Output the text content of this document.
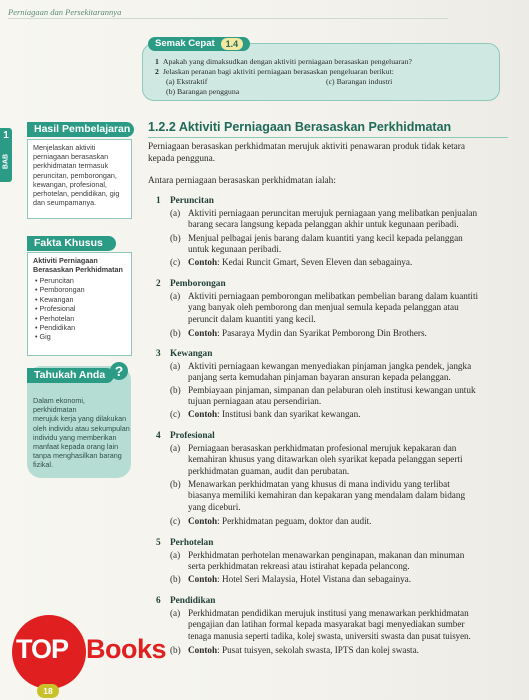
Perniagaan dan Persekitarannya
Semak Cepat	1.4
1 Apakah yang dimaksudkan dengan aktiviti perniagaan berasaskan pengeluaran?
2 Jelaskan peranan bagi aktiviti perniagaan berasaskan pengeluaran berikut:
(a) Ekstraktif
(b) Barangan pengguna
(c) Barangan industri
1
BAB
Hasil Pembelajaran
Menjelaskan aktiviti
perniagaan berasaskan
perkhidmatan termasuk
peruncitan, pemborongan,
kewangan, profesional,
perhotelan, pendidikan, gig
dan seumpamanya.
Fakta Khusus
Aktiviti Perniagaan
Berasaskan Perkhidmatan
• Peruncitan
• Pemborongan
• Kewangan
• Profesional
• Perhotelan
• Pendidikan
• Gig
Tahukah Anda ?
Dalam ekonomi, perkhidmatan
merujuk kerja yang dilakukan
oleh individu atau sekumpulan
individu yang memberikan
manfaat kepada orang lain
tanpa menghasilkan barang
fizikal.
1.2.2 Aktiviti Perniagaan Berasaskan Perkhidmatan
Perniagaan berasaskan perkhidmatan merujuk aktiviti penawaran produk tidak ketara
kepada pengguna.
Antara perniagaan berasaskan perkhidmatan ialah:
1 Peruncitan
(a) Aktiviti perniagaan peruncitan merujuk perniagaan yang melibatkan penjualan
barang secara langsung kepada pelanggan akhir untuk kegunaan peribadi.
(b) Menjual pelbagai jenis barang dalam kuantiti yang kecil kepada pelanggan
untuk kegunaan peribadi.
(c) Contoh: Kedai Runcit Gmart, Seven Eleven dan sebagainya.
2 Pemborongan
(a) Aktiviti perniagaan pemborongan melibatkan pembelian barang dalam kuantiti
yang banyak oleh pemborong dan menjual semula kepada pelanggan atau
peruncit dalam kuantiti yang kecil.
(b) Contoh: Pasaraya Mydin dan Syarikat Pemborong Din Brothers.
3 Kewangan
(a) Aktiviti perniagaan kewangan menyediakan pinjaman jangka pendek, jangka
panjang serta kemudahan pinjaman bayaran ansuran kepada pelanggan.
(b) Pembiayaan pinjaman, simpanan dan pelaburan oleh institusi kewangan untuk
tujuan perniagaan atau persendirian.
(c) Contoh: Institusi bank dan syarikat kewangan.
4 Profesional
(a) Perniagaan berasaskan perkhidmatan profesional merujuk kepakaran dan
kemahiran khusus yang ditawarkan oleh syarikat kepada pelanggan seperti
perkhidmatan guaman, audit dan perubatan.
(b) Menawarkan perkhidmatan yang khusus di mana individu yang terlibat
biasanya memiliki kemahiran dan kepakaran yang mendalam dalam bidang
yang diceburi.
(c) Contoh: Perkhidmatan peguam, doktor dan audit.
5 Perhotelan
(a) Perkhidmatan perhotelan menawarkan penginapan, makanan dan minuman
serta perkhidmatan rekreasi atau istirahat kepada pelancong.
(b) Contoh: Hotel Seri Malaysia, Hotel Vistana dan sebagainya.
6 Pendidikan
(a) Perkhidmatan pendidikan merujuk institusi yang menawarkan perkhidmatan
pengajian dan latihan formal kepada masyarakat bagi menyediakan sumber
tenaga manusia seperti tadika, kolej swasta, universiti swasta dan pusat tuisyen.
(b) Contoh: Pusat tuisyen, sekolah swasta, IPTS dan kolej swasta.
TOP Books
18
